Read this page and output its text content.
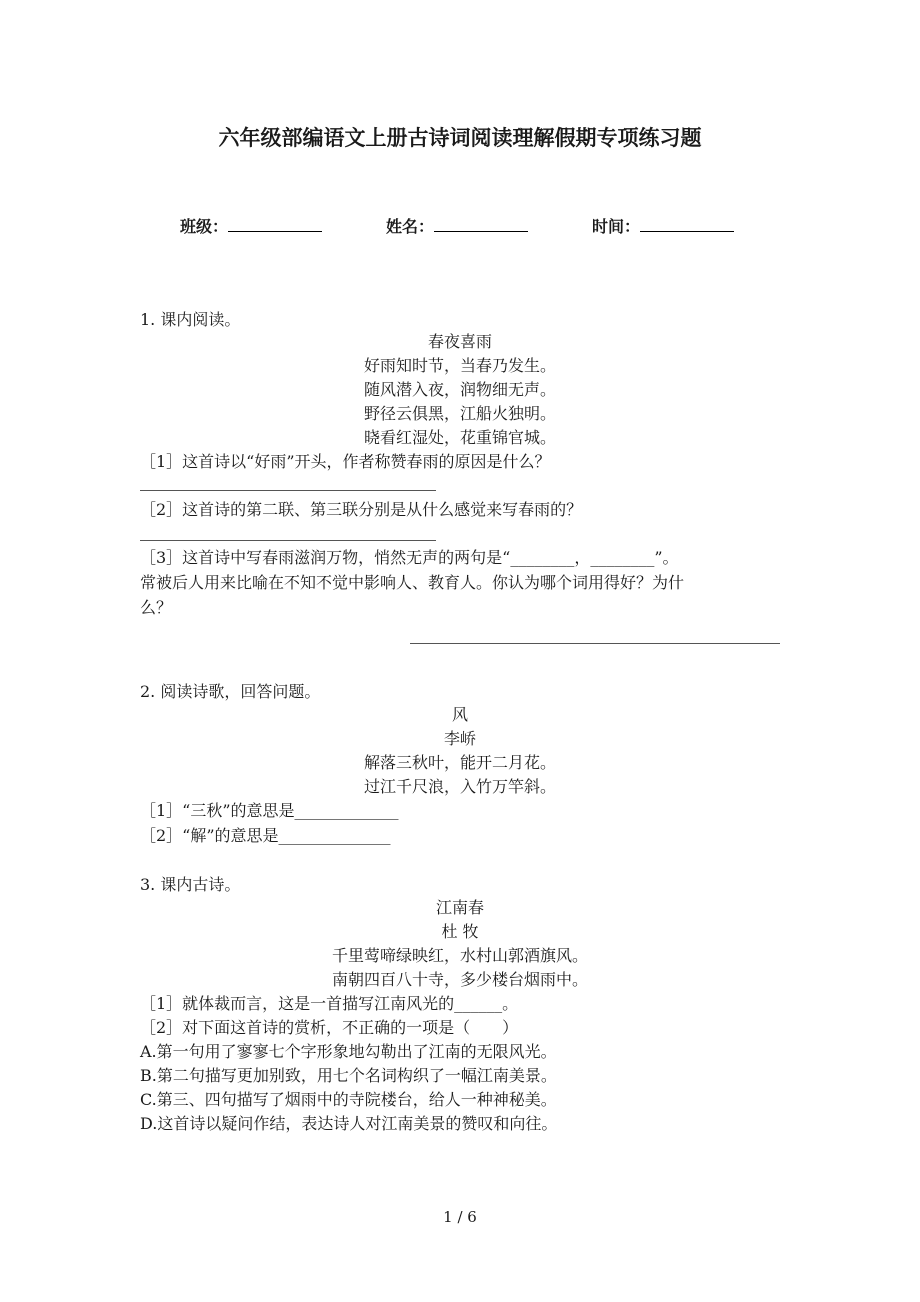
六年级部编语文上册古诗词阅读理解假期专项练习题
班级：	姓名：	时间：
1. 课内阅读。
春夜喜雨
好雨知时节，当春乃发生。
随风潜入夜，润物细无声。
野径云俱黑，江船火独明。
晓看红湿处，花重锦官城。
［1］这首诗以“好雨”开头，作者称赞春雨的原因是什么？
［2］这首诗的第二联、第三联分别是从什么感觉来写春雨的？
［3］这首诗中写春雨滋润万物，悄然无声的两句是“________，________”。
常被后人用来比喻在不知不觉中影响人、教育人。你认为哪个词用得好？为什
么？
2. 阅读诗歌，回答问题。
风
李峤
解落三秋叶，能开二月花。
过江千尺浪，入竹万竿斜。
［1］“三秋”的意思是_____________
［2］“解”的意思是______________
3. 课内古诗。
江南春
杜 牧
千里莺啼绿映红，水村山郭酒旗风。
南朝四百八十寺，多少楼台烟雨中。
［1］就体裁而言，这是一首描写江南风光的______。
［2］对下面这首诗的赏析，不正确的一项是（　　）
A.第一句用了寥寥七个字形象地勾勒出了江南的无限风光。
B.第二句描写更加别致，用七个名词构织了一幅江南美景。
C.第三、四句描写了烟雨中的寺院楼台，给人一种神秘美。
D.这首诗以疑问作结，表达诗人对江南美景的赞叹和向往。
1 / 6
